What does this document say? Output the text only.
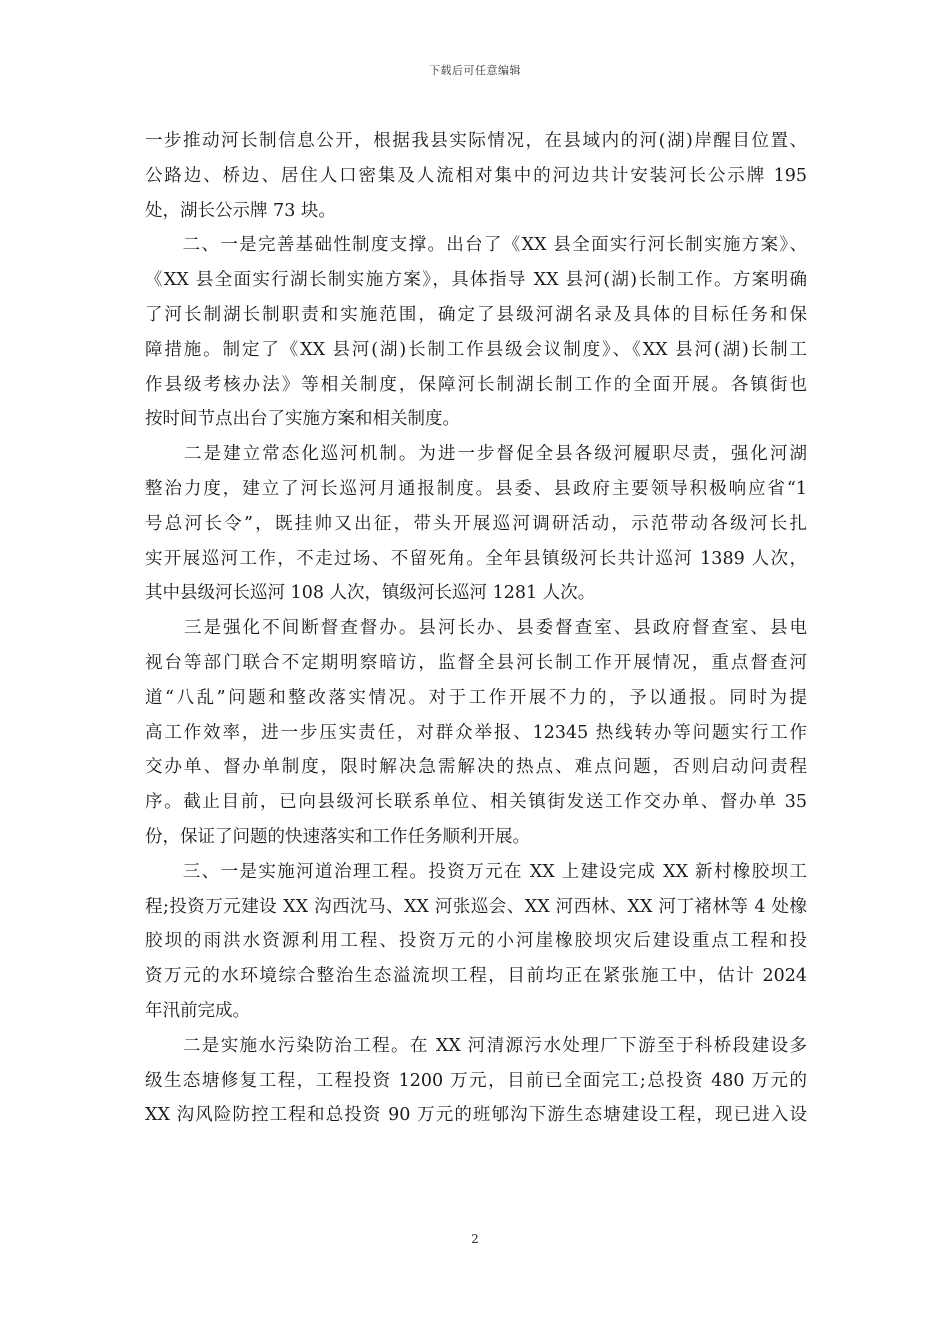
下载后可任意编辑
一步推动河长制信息公开，根据我县实际情况，在县域内的河(湖)岸醒目位置、
公路边、桥边、居住人口密集及人流相对集中的河边共计安装河长公示牌 195
处，湖长公示牌 73 块。
　　二、一是完善基础性制度支撑。出台了《XX 县全面实行河长制实施方案》、
《XX 县全面实行湖长制实施方案》，具体指导 XX 县河(湖)长制工作。方案明确
了河长制湖长制职责和实施范围，确定了县级河湖名录及具体的目标任务和保
障措施。制定了《XX 县河(湖)长制工作县级会议制度》、《XX 县河(湖)长制工
作县级考核办法》等相关制度，保障河长制湖长制工作的全面开展。各镇街也
按时间节点出台了实施方案和相关制度。
　　二是建立常态化巡河机制。为进一步督促全县各级河履职尽责，强化河湖
整治力度，建立了河长巡河月通报制度。县委、县政府主要领导积极响应省“1
号总河长令”，既挂帅又出征，带头开展巡河调研活动，示范带动各级河长扎
实开展巡河工作，不走过场、不留死角。全年县镇级河长共计巡河 1389 人次，
其中县级河长巡河 108 人次，镇级河长巡河 1281 人次。
　　三是强化不间断督查督办。县河长办、县委督查室、县政府督查室、县电
视台等部门联合不定期明察暗访，监督全县河长制工作开展情况，重点督查河
道“八乱”问题和整改落实情况。对于工作开展不力的，予以通报。同时为提
高工作效率，进一步压实责任，对群众举报、12345 热线转办等问题实行工作
交办单、督办单制度，限时解决急需解决的热点、难点问题，否则启动问责程
序。截止目前，已向县级河长联系单位、相关镇街发送工作交办单、督办单 35
份，保证了问题的快速落实和工作任务顺利开展。
　　三、一是实施河道治理工程。投资万元在 XX 上建设完成 XX 新村橡胶坝工
程;投资万元建设 XX 沟西沈马、XX 河张巡会、XX 河西林、XX 河丁褚林等 4 处橡
胶坝的雨洪水资源利用工程、投资万元的小河崖橡胶坝灾后建设重点工程和投
资万元的水环境综合整治生态溢流坝工程，目前均正在紧张施工中，估计 2024
年汛前完成。
　　二是实施水污染防治工程。在 XX 河清源污水处理厂下游至于科桥段建设多
级生态塘修复工程，工程投资 1200 万元，目前已全面完工;总投资 480 万元的
XX 沟风险防控工程和总投资 90 万元的班郇沟下游生态塘建设工程，现已进入设
2
